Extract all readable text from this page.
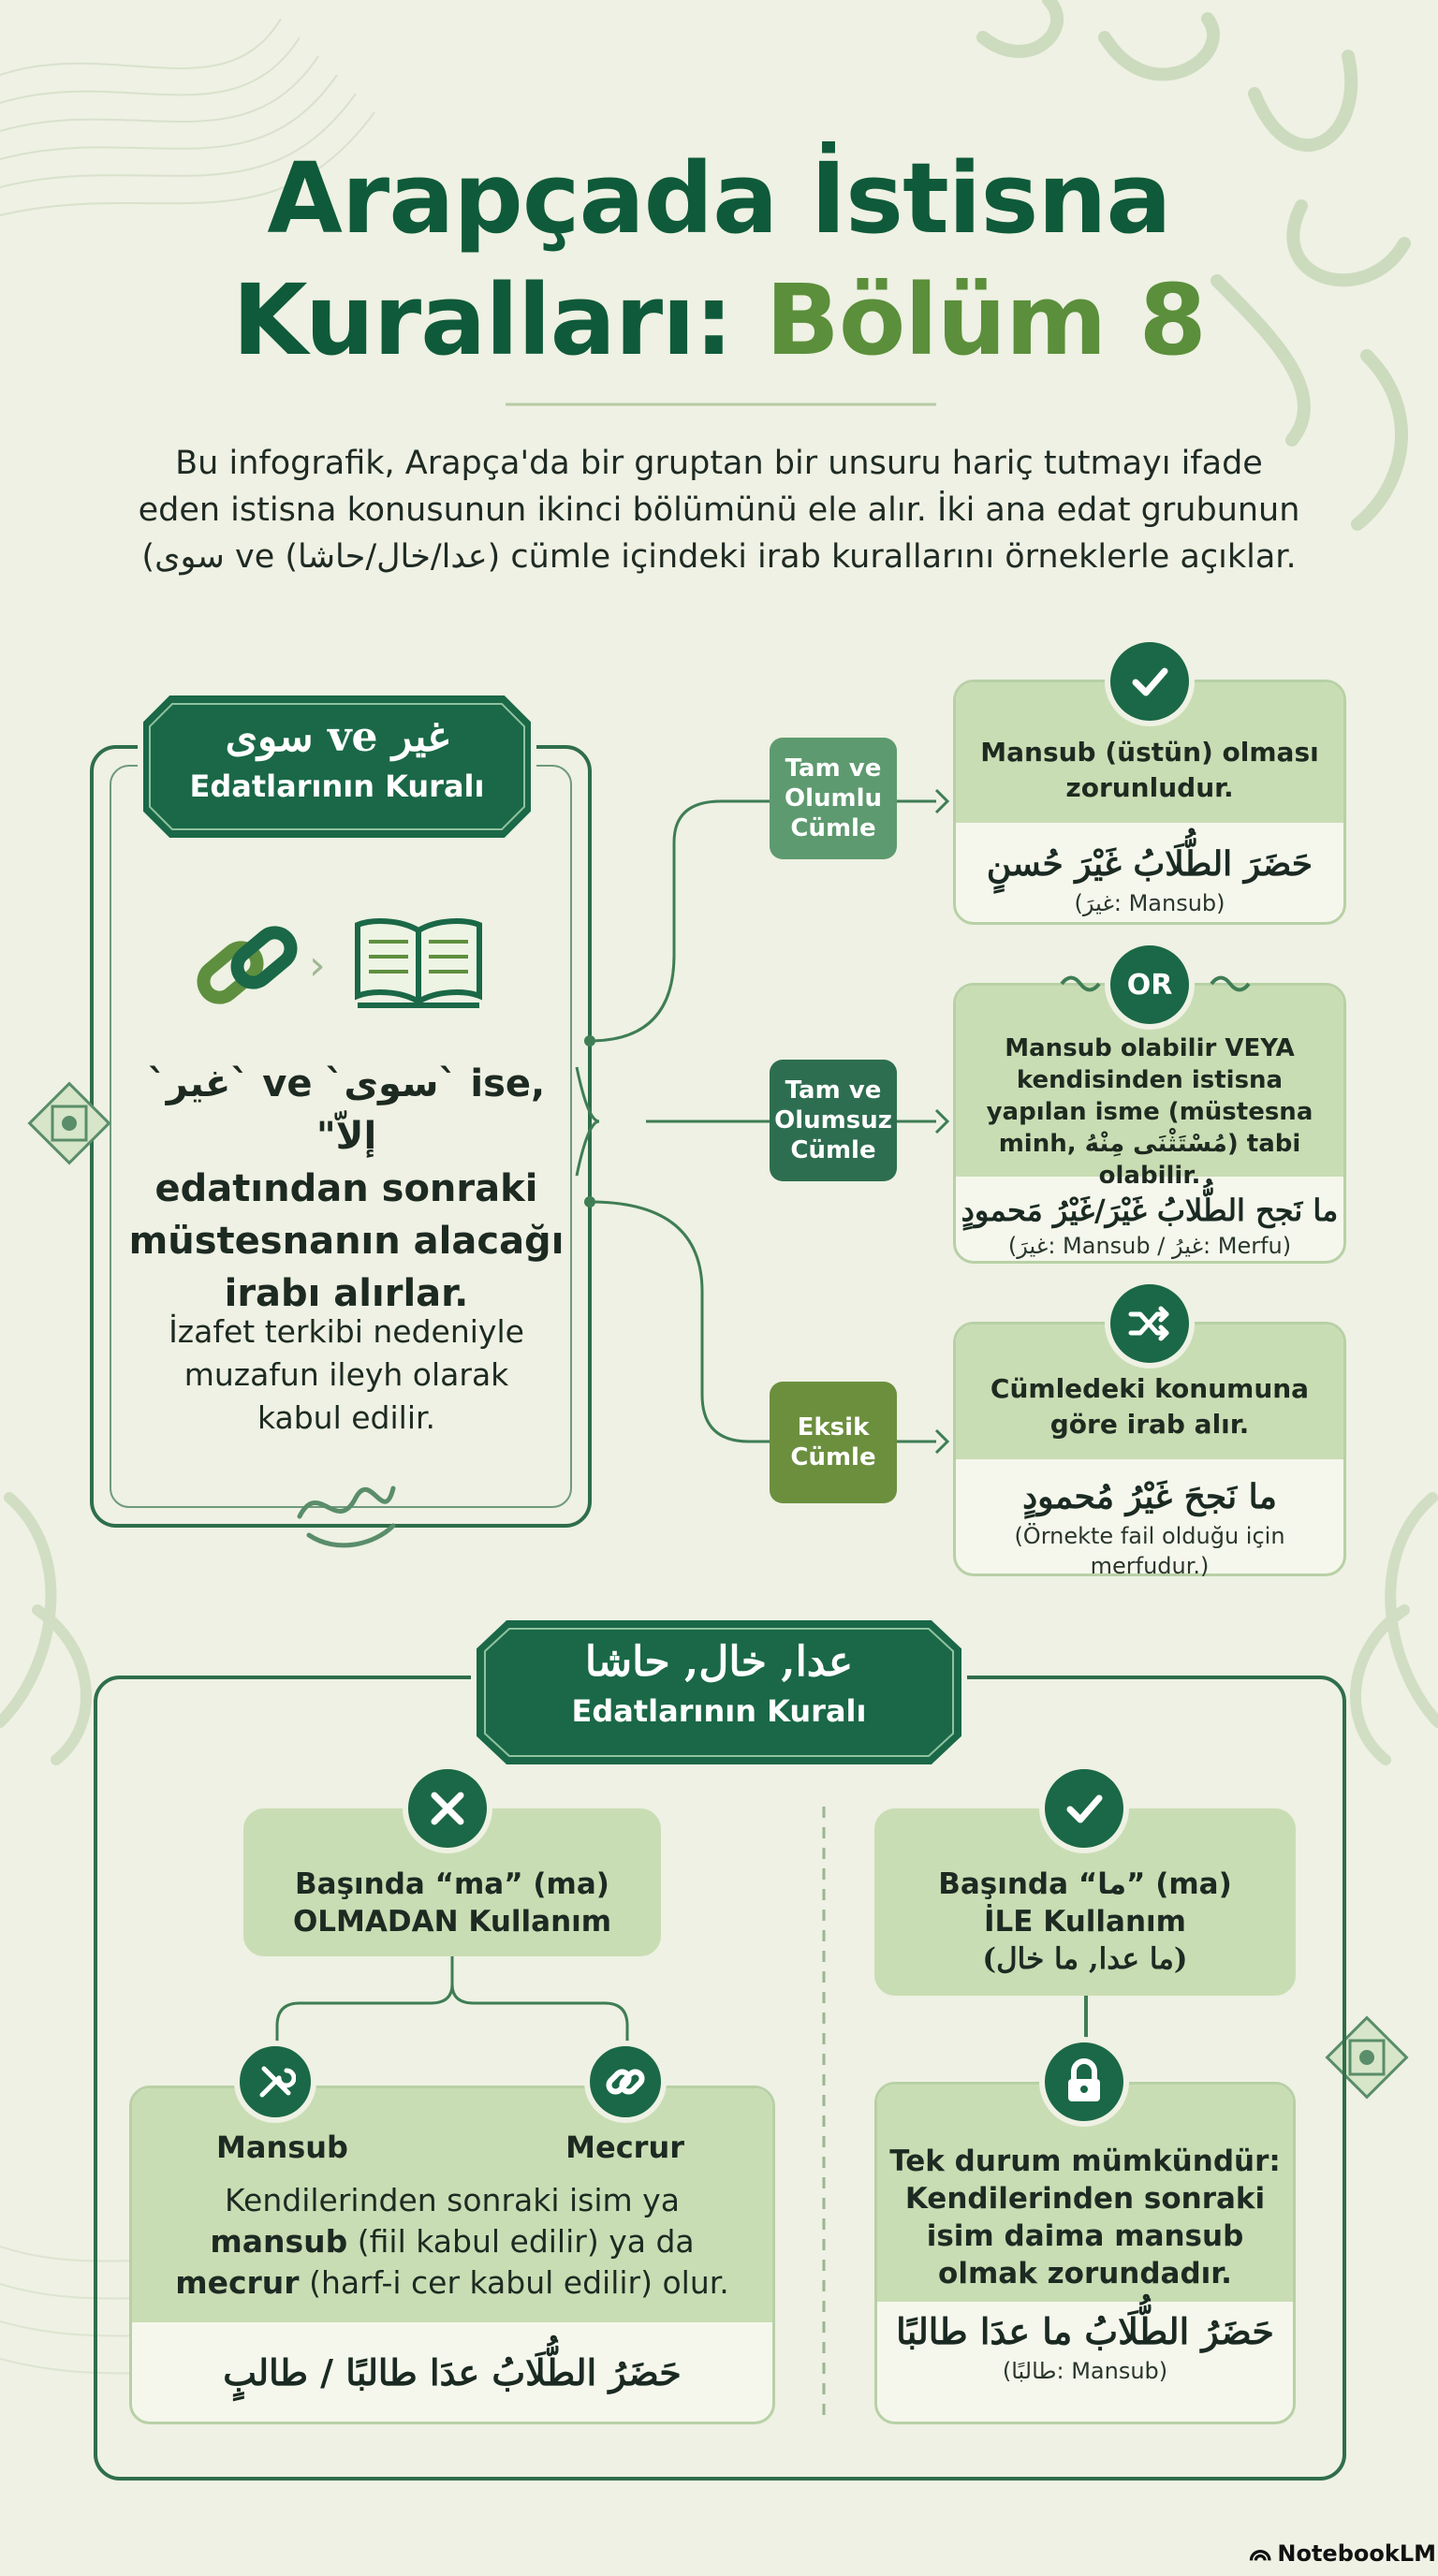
Arapçada İstisna
Kuralları: Bölüm 8
Bu infografik, Arapça'da bir gruptan bir unsuru hariç tutmayı ifade
eden istisna konusunun ikinci bölümünü ele alır. İki ana edat grubunun
(سوى ve (عدا/خال/حاشا) cümle içindeki irab kurallarını örneklerle açıklar.
سوى ve غير
Edatlarının Kuralı
›
`غير` ve `سوى` ise, "إلاّ
edatından sonraki
müstesnanın alacağı
irabı alırlar.
İzafet terkibi nedeniyle
muzafun ileyh olarak
kabul edilir.
Tam ve Olumlu Cümle
Tam ve Olumsuz Cümle
Eksik Cümle
Mansub (üstün) olması zorunludur.
حَضَرَ الطُّلَابُ غَيْرَ حُسنٍ
(غيرَ: Mansub)
Mansub olabilir VEYA kendisinden istisna yapılan isme (müstesna minh, مُسْتَثْنَى مِنْهُ) tabi olabilir.
ما نَجح الطُّلابُ غَيْرَ/غَيْرُ مَحمودٍ
(غيرَ: Mansub / غيرُ: Merfu)
OR
Cümledeki konumuna göre irab alır.
ما نَجحَ غَيْرُ مُحمودٍ
(Örnekte fail olduğu için merfudur.)
عدا, خال, حاشا
Edatlarının Kuralı
Başında “ma” (ma)
OLMADAN Kullanım
Mansub	Mecrur
Kendilerinden sonraki isim ya
mansub (fiil kabul edilir) ya da
mecrur (harf-i cer kabul edilir) olur.
حَضَرُ الطُّلَابُ عدَا طالبًا / طالبٍ
Başında “ما” (ma)
İLE Kullanım
(ما عدا, ما خال)
Tek durum mümkündür:
Kendilerinden sonraki
isim daima mansub
olmak zorundadır.
حَضَرُ الطُّلَابُ ما عدَا طالبًا
(طالبًا: Mansub)
NotebookLM
